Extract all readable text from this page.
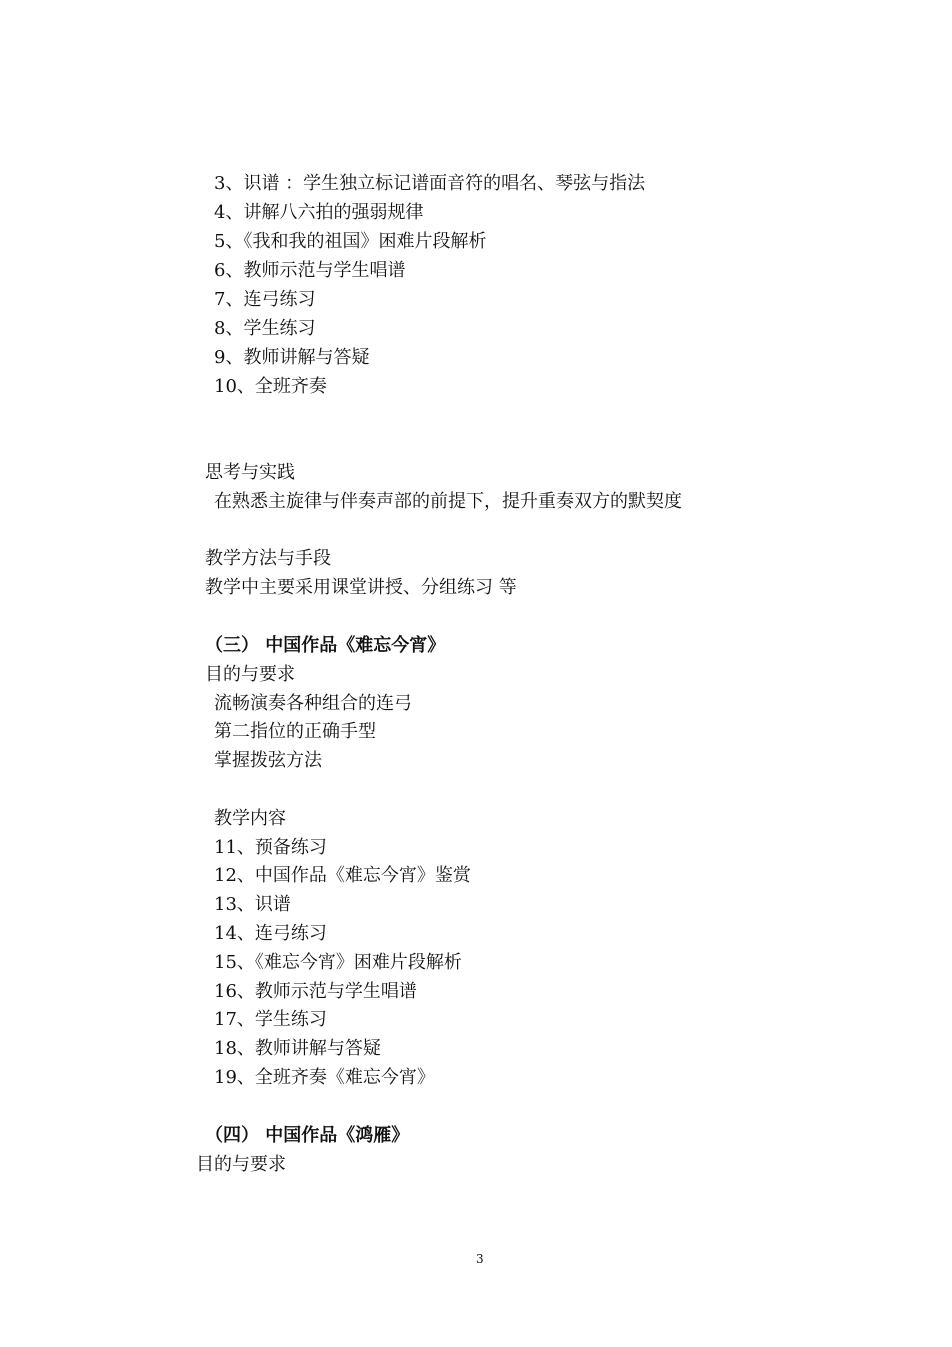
3、识谱 ：学生独立标记谱面音符的唱名、琴弦与指法
4、讲解八六拍的强弱规律
5、《我和我的祖国》困难片段解析
6、教师示范与学生唱谱
7、连弓练习
8、学生练习
9、教师讲解与答疑
10、全班齐奏
思考与实践
在熟悉主旋律与伴奏声部的前提下，提升重奏双方的默契度
教学方法与手段
教学中主要采用课堂讲授、分组练习 等
（三） 中国作品《难忘今宵》
目的与要求
流畅演奏各种组合的连弓
第二指位的正确手型
掌握拨弦方法
教学内容
11、预备练习
12、中国作品《难忘今宵》鉴赏
13、识谱
14、连弓练习
15、《难忘今宵》困难片段解析
16、教师示范与学生唱谱
17、学生练习
18、教师讲解与答疑
19、全班齐奏《难忘今宵》
（四） 中国作品《鸿雁》
目的与要求
3
